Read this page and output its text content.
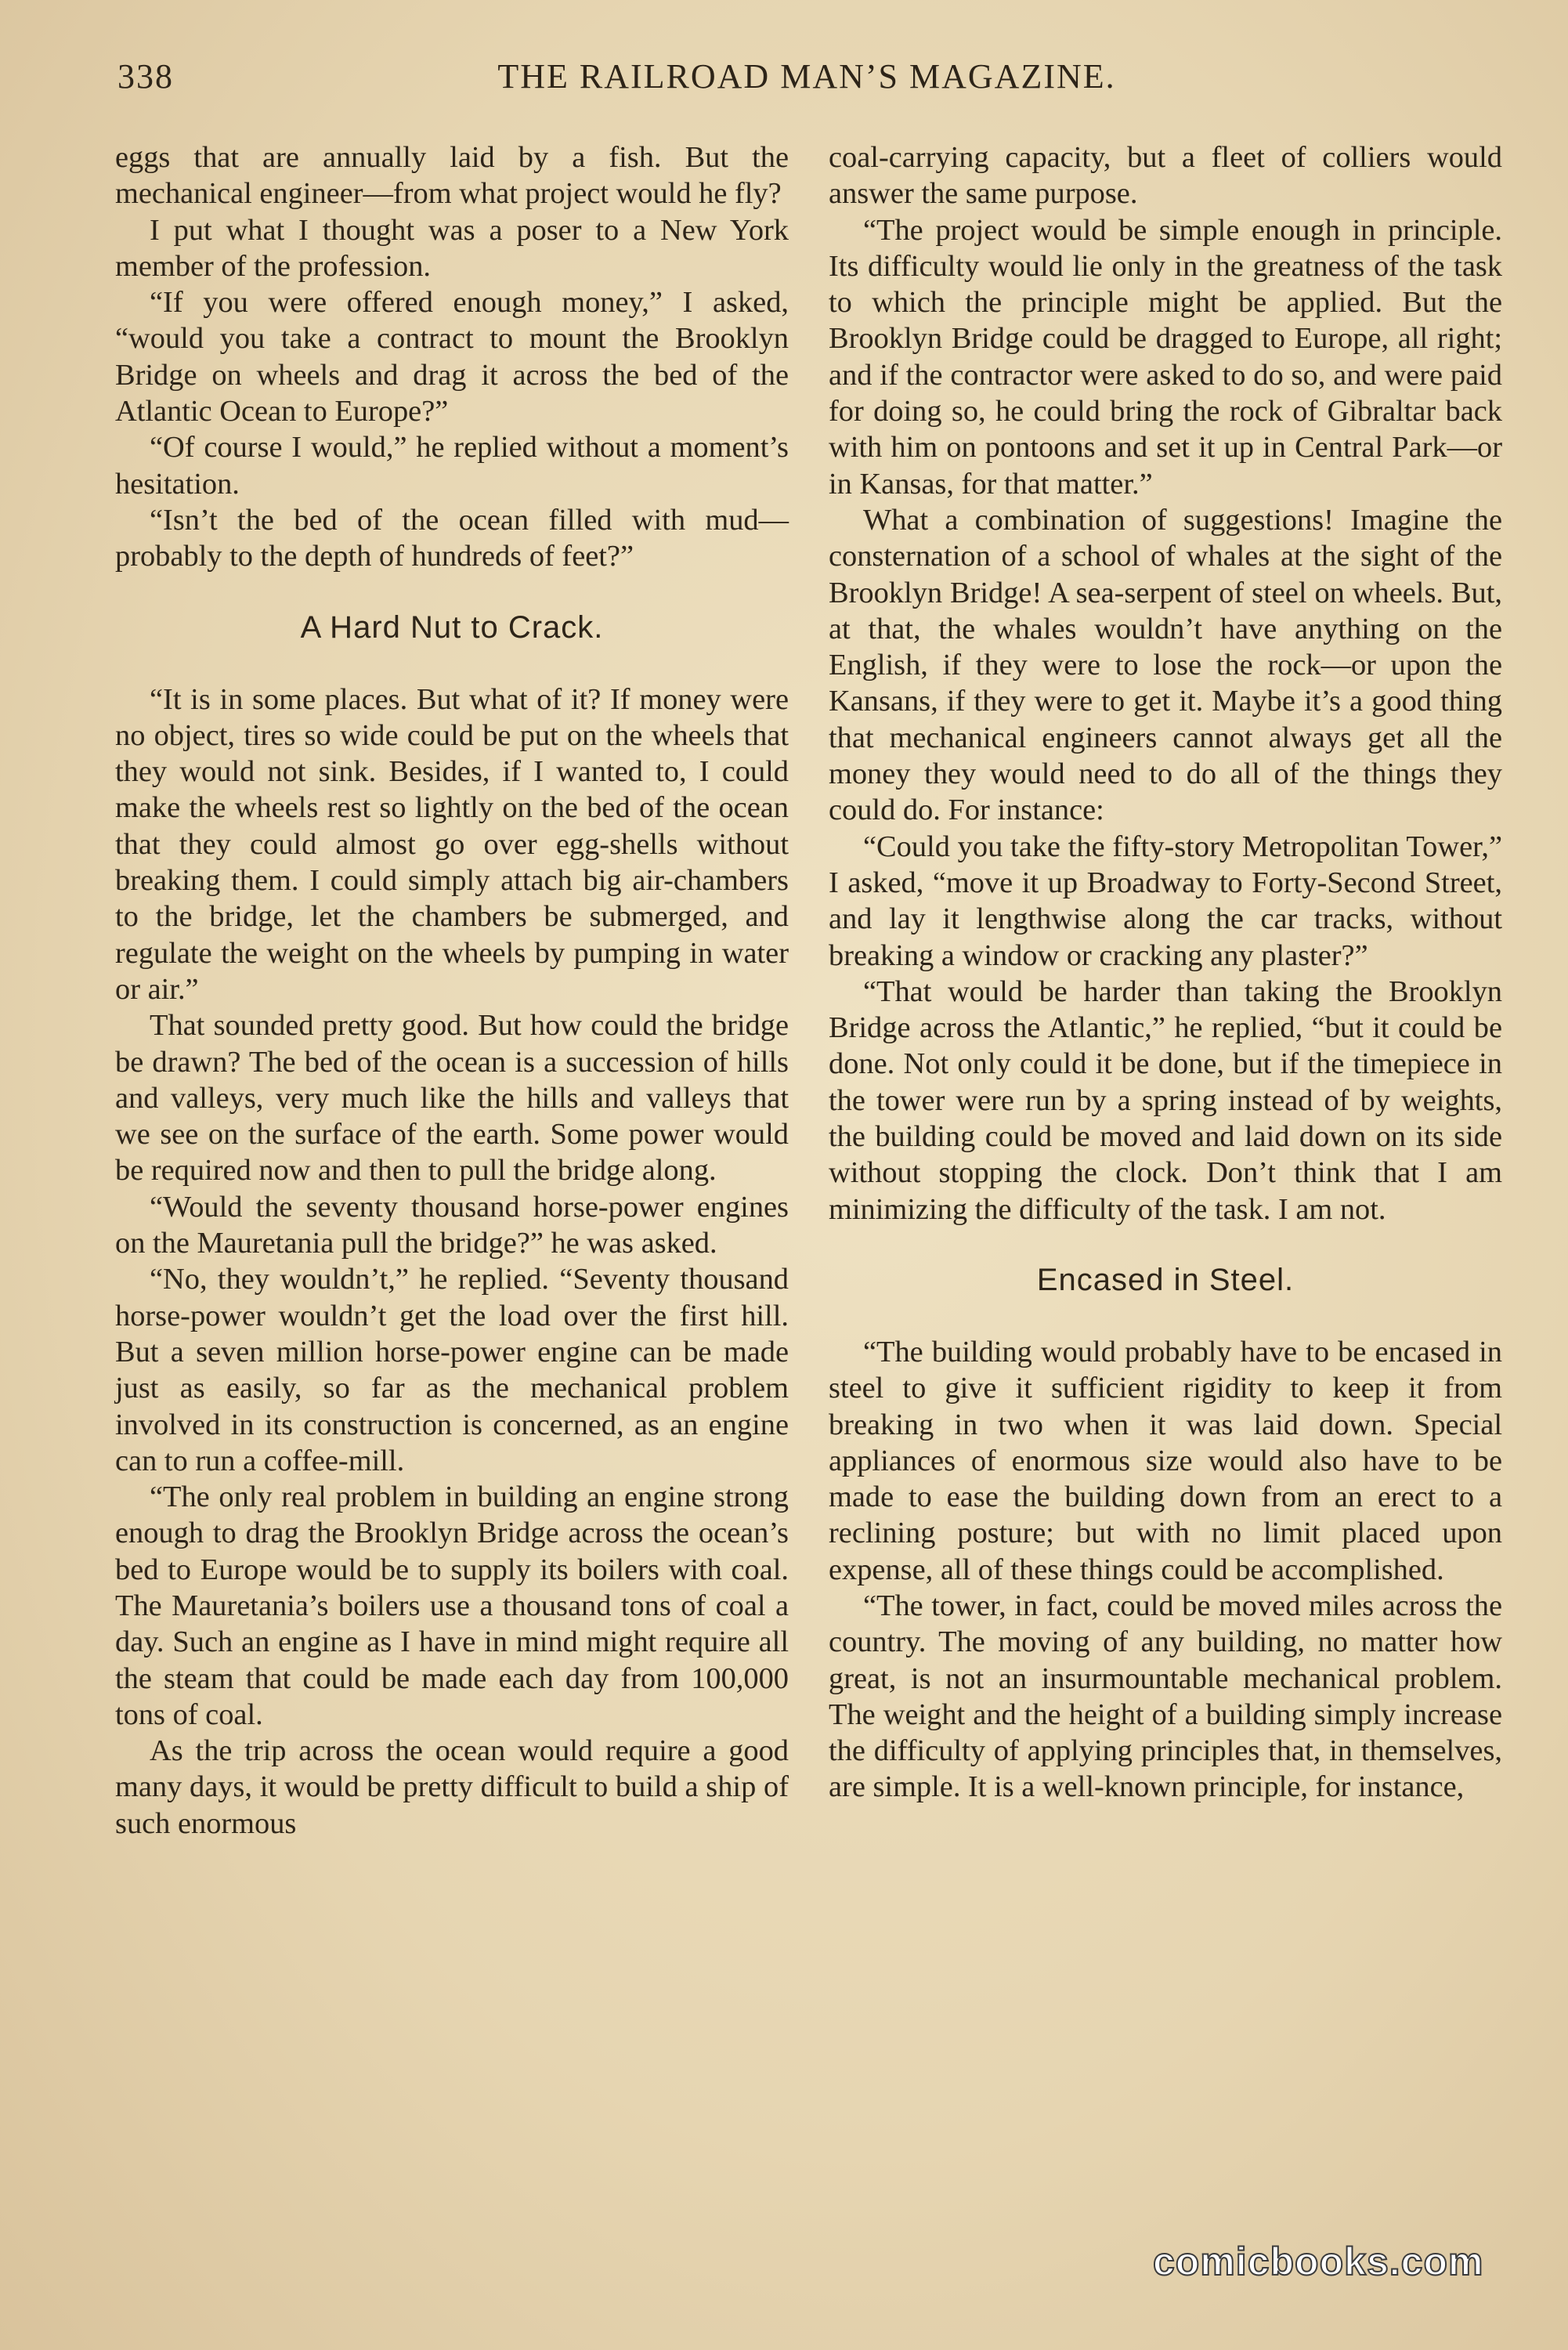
338	THE RAILROAD MAN’S MAGAZINE.

eggs that are annually laid by a fish. But the mechanical engineer—from what project would he fly?

I put what I thought was a poser to a New York member of the profession.

“If you were offered enough money,” I asked, “would you take a contract to mount the Brooklyn Bridge on wheels and drag it across the bed of the Atlantic Ocean to Europe?”

“Of course I would,” he replied without a moment’s hesitation.

“Isn’t the bed of the ocean filled with mud—probably to the depth of hundreds of feet?”

A Hard Nut to Crack.

“It is in some places. But what of it? If money were no object, tires so wide could be put on the wheels that they would not sink. Besides, if I wanted to, I could make the wheels rest so lightly on the bed of the ocean that they could almost go over egg-shells without breaking them. I could simply attach big air-chambers to the bridge, let the chambers be submerged, and regulate the weight on the wheels by pumping in water or air.”

That sounded pretty good. But how could the bridge be drawn? The bed of the ocean is a succession of hills and valleys, very much like the hills and valleys that we see on the surface of the earth. Some power would be required now and then to pull the bridge along.

“Would the seventy thousand horse-power engines on the Mauretania pull the bridge?” he was asked.

“No, they wouldn’t,” he replied. “Seventy thousand horse-power wouldn’t get the load over the first hill. But a seven million horse-power engine can be made just as easily, so far as the mechanical problem involved in its construction is concerned, as an engine can to run a coffee-mill.

“The only real problem in building an engine strong enough to drag the Brooklyn Bridge across the ocean’s bed to Europe would be to supply its boilers with coal. The Mauretania’s boilers use a thousand tons of coal a day. Such an engine as I have in mind might require all the steam that could be made each day from 100,000 tons of coal.

As the trip across the ocean would require a good many days, it would be pretty difficult to build a ship of such enormous

coal-carrying capacity, but a fleet of colliers would answer the same purpose.

“The project would be simple enough in principle. Its difficulty would lie only in the greatness of the task to which the principle might be applied. But the Brooklyn Bridge could be dragged to Europe, all right; and if the contractor were asked to do so, and were paid for doing so, he could bring the rock of Gibraltar back with him on pontoons and set it up in Central Park—or in Kansas, for that matter.”

What a combination of suggestions! Imagine the consternation of a school of whales at the sight of the Brooklyn Bridge! A sea-serpent of steel on wheels. But, at that, the whales wouldn’t have anything on the English, if they were to lose the rock—or upon the Kansans, if they were to get it. Maybe it’s a good thing that mechanical engineers cannot always get all the money they would need to do all of the things they could do. For instance:

“Could you take the fifty-story Metropolitan Tower,” I asked, “move it up Broadway to Forty-Second Street, and lay it lengthwise along the car tracks, without breaking a window or cracking any plaster?”

“That would be harder than taking the Brooklyn Bridge across the Atlantic,” he replied, “but it could be done. Not only could it be done, but if the timepiece in the tower were run by a spring instead of by weights, the building could be moved and laid down on its side without stopping the clock. Don’t think that I am minimizing the difficulty of the task. I am not.

Encased in Steel.

“The building would probably have to be encased in steel to give it sufficient rigidity to keep it from breaking in two when it was laid down. Special appliances of enormous size would also have to be made to ease the building down from an erect to a reclining posture; but with no limit placed upon expense, all of these things could be accomplished.

“The tower, in fact, could be moved miles across the country. The moving of any building, no matter how great, is not an insurmountable mechanical problem. The weight and the height of a building simply increase the difficulty of applying principles that, in themselves, are simple. It is a well-known principle, for instance,

comicbooks.com
